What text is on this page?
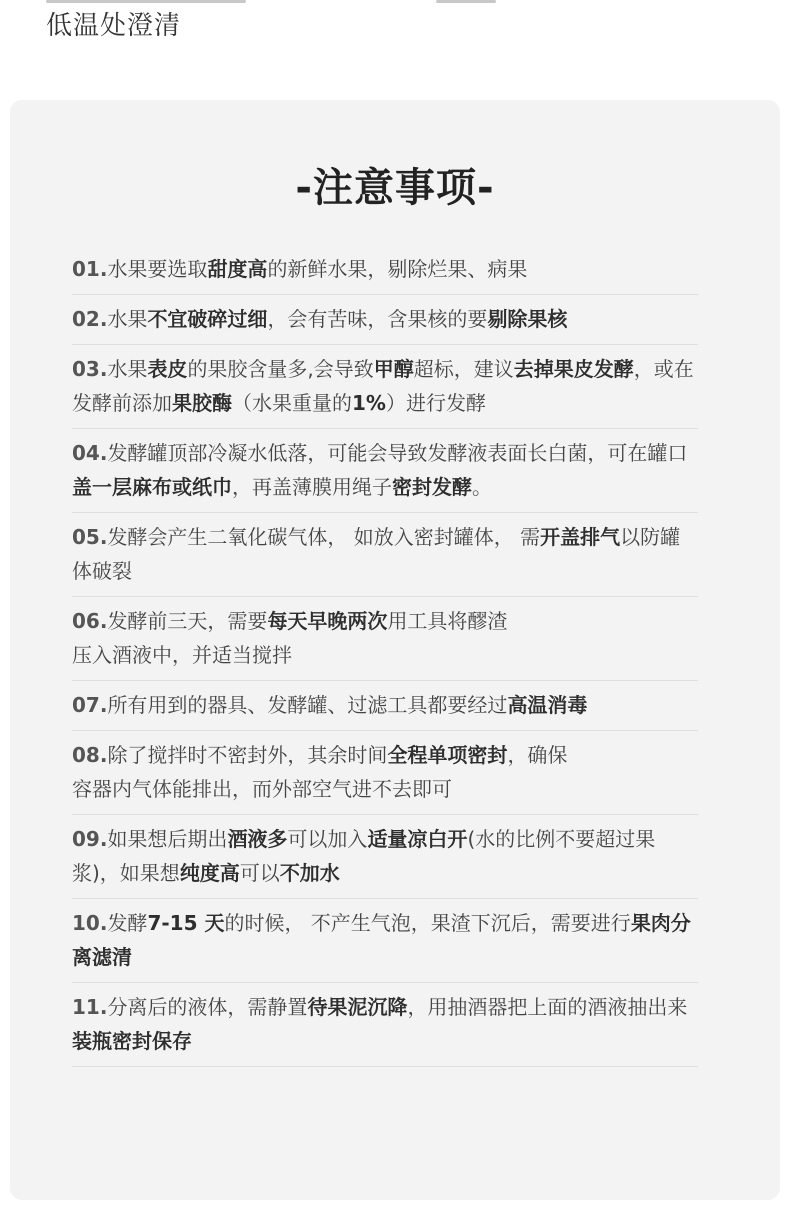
低温处澄清
-注意事项-
01.水果要选取甜度高的新鲜水果，剔除烂果、病果
02.水果不宜破碎过细，会有苦味，含果核的要剔除果核
03.水果表皮的果胶含量多,会导致甲醇超标，建议去掉果皮发酵，或在发酵前添加果胶酶（水果重量的1%）进行发酵
04.发酵罐顶部冷凝水低落，可能会导致发酵液表面长白菌，可在罐口盖一层麻布或纸巾，再盖薄膜用绳子密封发酵。
05.发酵会产生二氧化碳气体， 如放入密封罐体， 需开盖排气以防罐体破裂
06.发酵前三天，需要每天早晚两次用工具将醪渣
压入酒液中，并适当搅拌
07.所有用到的器具、发酵罐、过滤工具都要经过高温消毒
08.除了搅拌时不密封外，其余时间全程单项密封，确保
容器内气体能排出，而外部空气进不去即可
09.如果想后期出酒液多可以加入适量凉白开(水的比例不要超过果浆)，如果想纯度高可以不加水
10.发酵7-15 天的时候， 不产生气泡，果渣下沉后，需要进行果肉分离滤清
11.分离后的液体，需静置待果泥沉降，用抽酒器把上面的酒液抽出来装瓶密封保存
